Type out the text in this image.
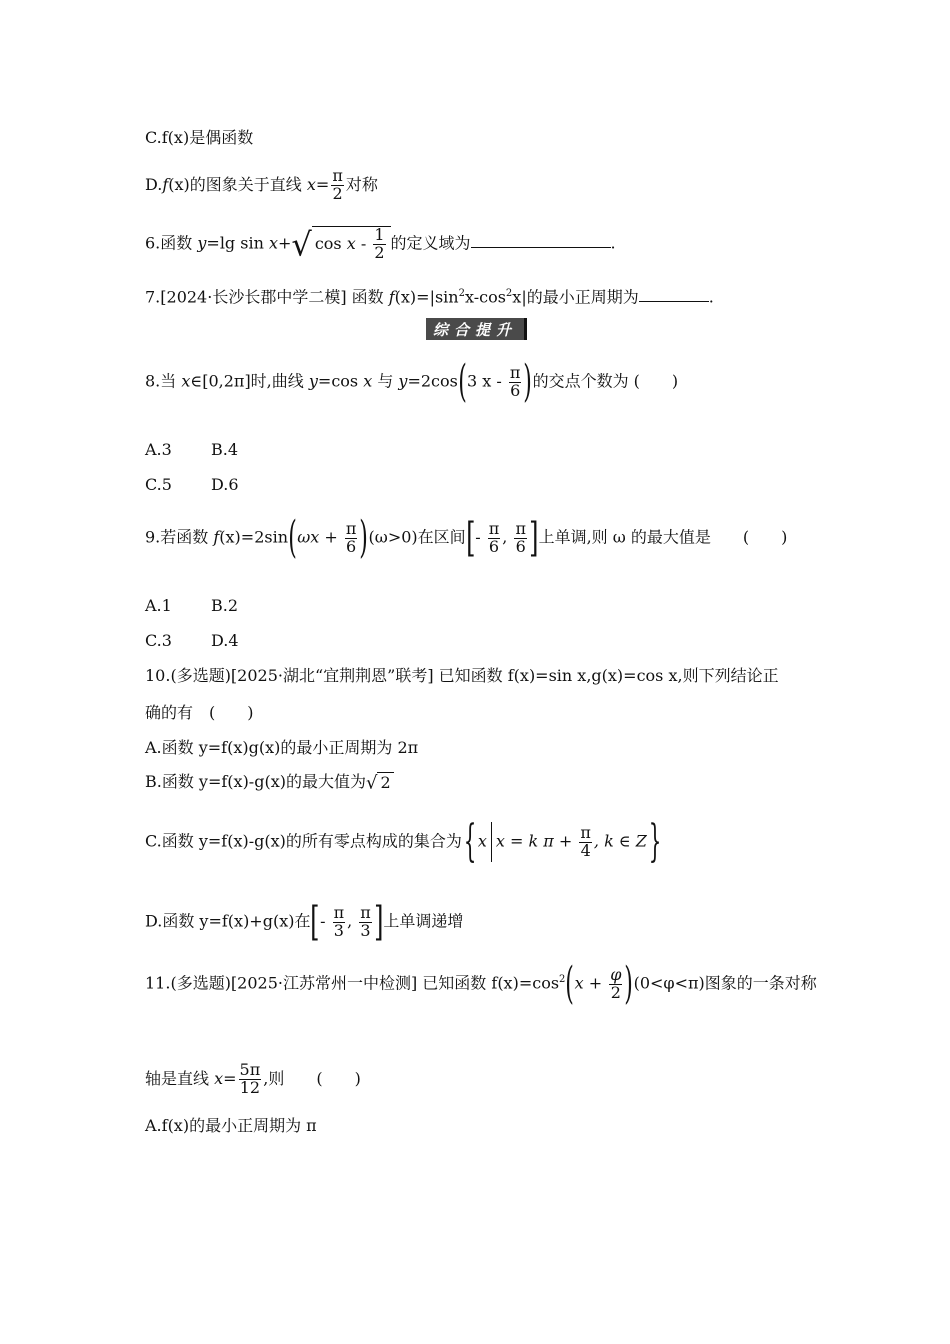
C.f(x)是偶函数
D.f(x)的图象关于直线 $x= \frac{\pi}{2}$ 对称
6.函数 y=lg sin x+√ cos x - $\frac{1}{2}$ 的定义域为	.
7.[2024·长沙长郡中学二模] 函数 $f(x)=|\sin^2x-\cos^2x|$的最小正周期为	.
综合提升
8.当 x∈[0,2π]时,曲线 y=cos x 与 y=2cos(3 x - $\frac{\pi}{6}$ )的交点个数为 (　　)
A.3 B.4
C.5 D.6
9.若函数 $f(x)=2\sin(\omega x + \frac{\pi}{6} )(\omega>0)$在区间[- $\frac{\pi}{6}$ , $\frac{\pi}{6}$ ]上单调,则 ω 的最大值是　　(　　)
A.1 B.2
C.3 D.4
10.(多选题)[2025·湖北“宜荆荆恩”联考] 已知函数 f(x)=sin x,g(x)=cos x,则下列结论正
确的有　(　　)
A.函数 y=f(x)g(x)的最小正周期为 2π
B.函数 y=f(x)-g(x)的最大值为√ 2
C.函数 y=f(x)-g(x)的所有零点构成的集合为{ x x = k $\pi + \frac{\pi}{4}$ , k ∈ Z}
D.函数 y=f(x)+g(x)在[- $\frac{\pi}{3}$ , $\frac{\pi}{3}$ ]上单调递增
11.(多选题)[2025·江苏常州一中检测] 已知函数 $f(x)=\cos^2(x + \frac{\varphi}{2} )(0<\varphi<\pi)$图象的一条对称
轴是直线 $x= \frac{5\pi}{12}$ ,则　　(　　)
A.f(x)的最小正周期为 π
